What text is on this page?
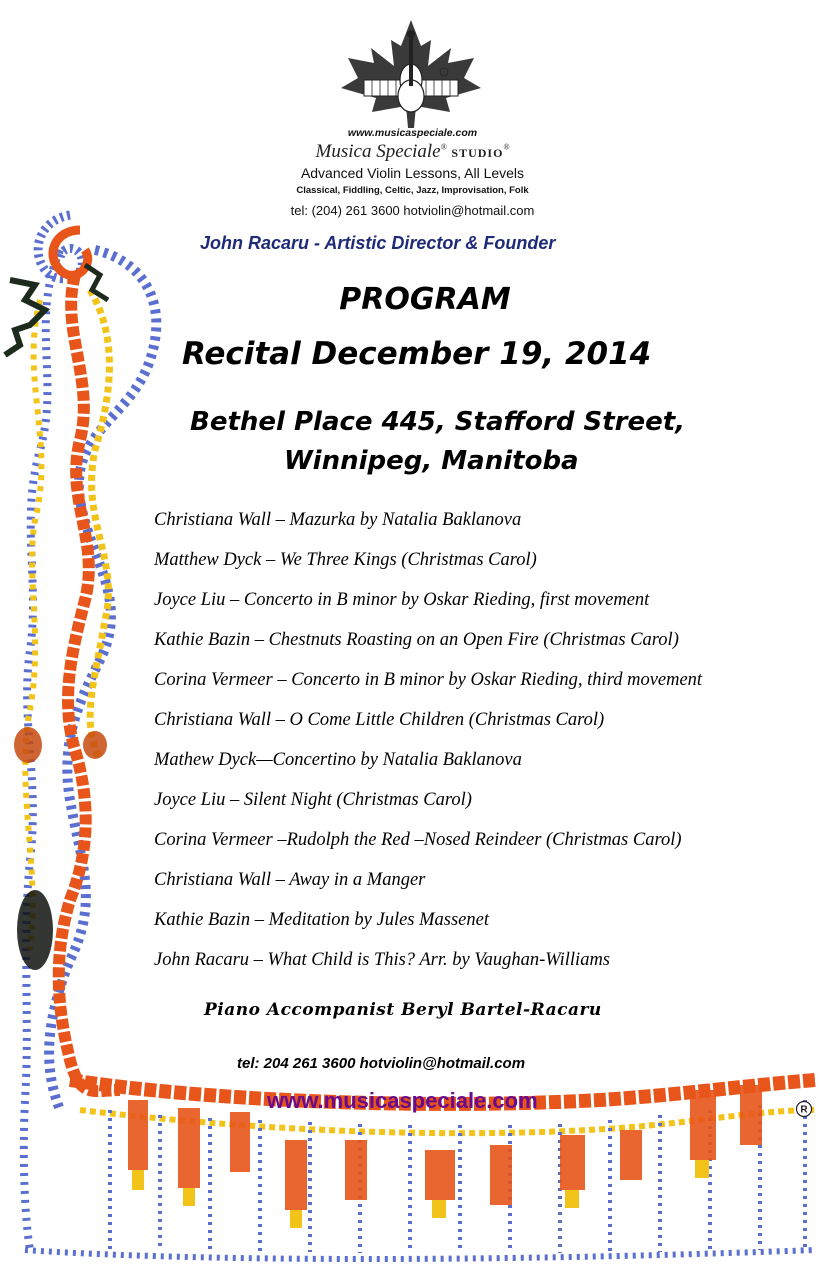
www.musicaspeciale.com
Musica Speciale® STUDIO®
Advanced Violin Lessons, All Levels
Classical, Fiddling, Celtic, Jazz, Improvisation, Folk
tel: (204) 261 3600 hotviolin@hotmail.com
John Racaru - Artistic Director & Founder
PROGRAM
Recital December 19, 2014
Bethel Place 445, Stafford Street,
Winnipeg, Manitoba
Christiana Wall – Mazurka by Natalia Baklanova
Matthew Dyck – We Three Kings (Christmas Carol)
Joyce Liu – Concerto in B minor by Oskar Rieding, first movement
Kathie Bazin – Chestnuts Roasting on an Open Fire (Christmas Carol)
Corina Vermeer – Concerto in B minor by Oskar Rieding, third movement
Christiana Wall – O Come Little Children (Christmas Carol)
Mathew Dyck—Concertino by Natalia Baklanova
Joyce Liu – Silent Night (Christmas Carol)
Corina Vermeer –Rudolph the Red –Nosed Reindeer (Christmas Carol)
Christiana Wall – Away in a Manger
Kathie Bazin – Meditation by Jules Massenet
John Racaru – What Child is This? Arr. by Vaughan-Williams
Piano Accompanist Beryl Bartel-Racaru
tel: 204 261 3600 hotviolin@hotmail.com
www.musicaspeciale.com	R
